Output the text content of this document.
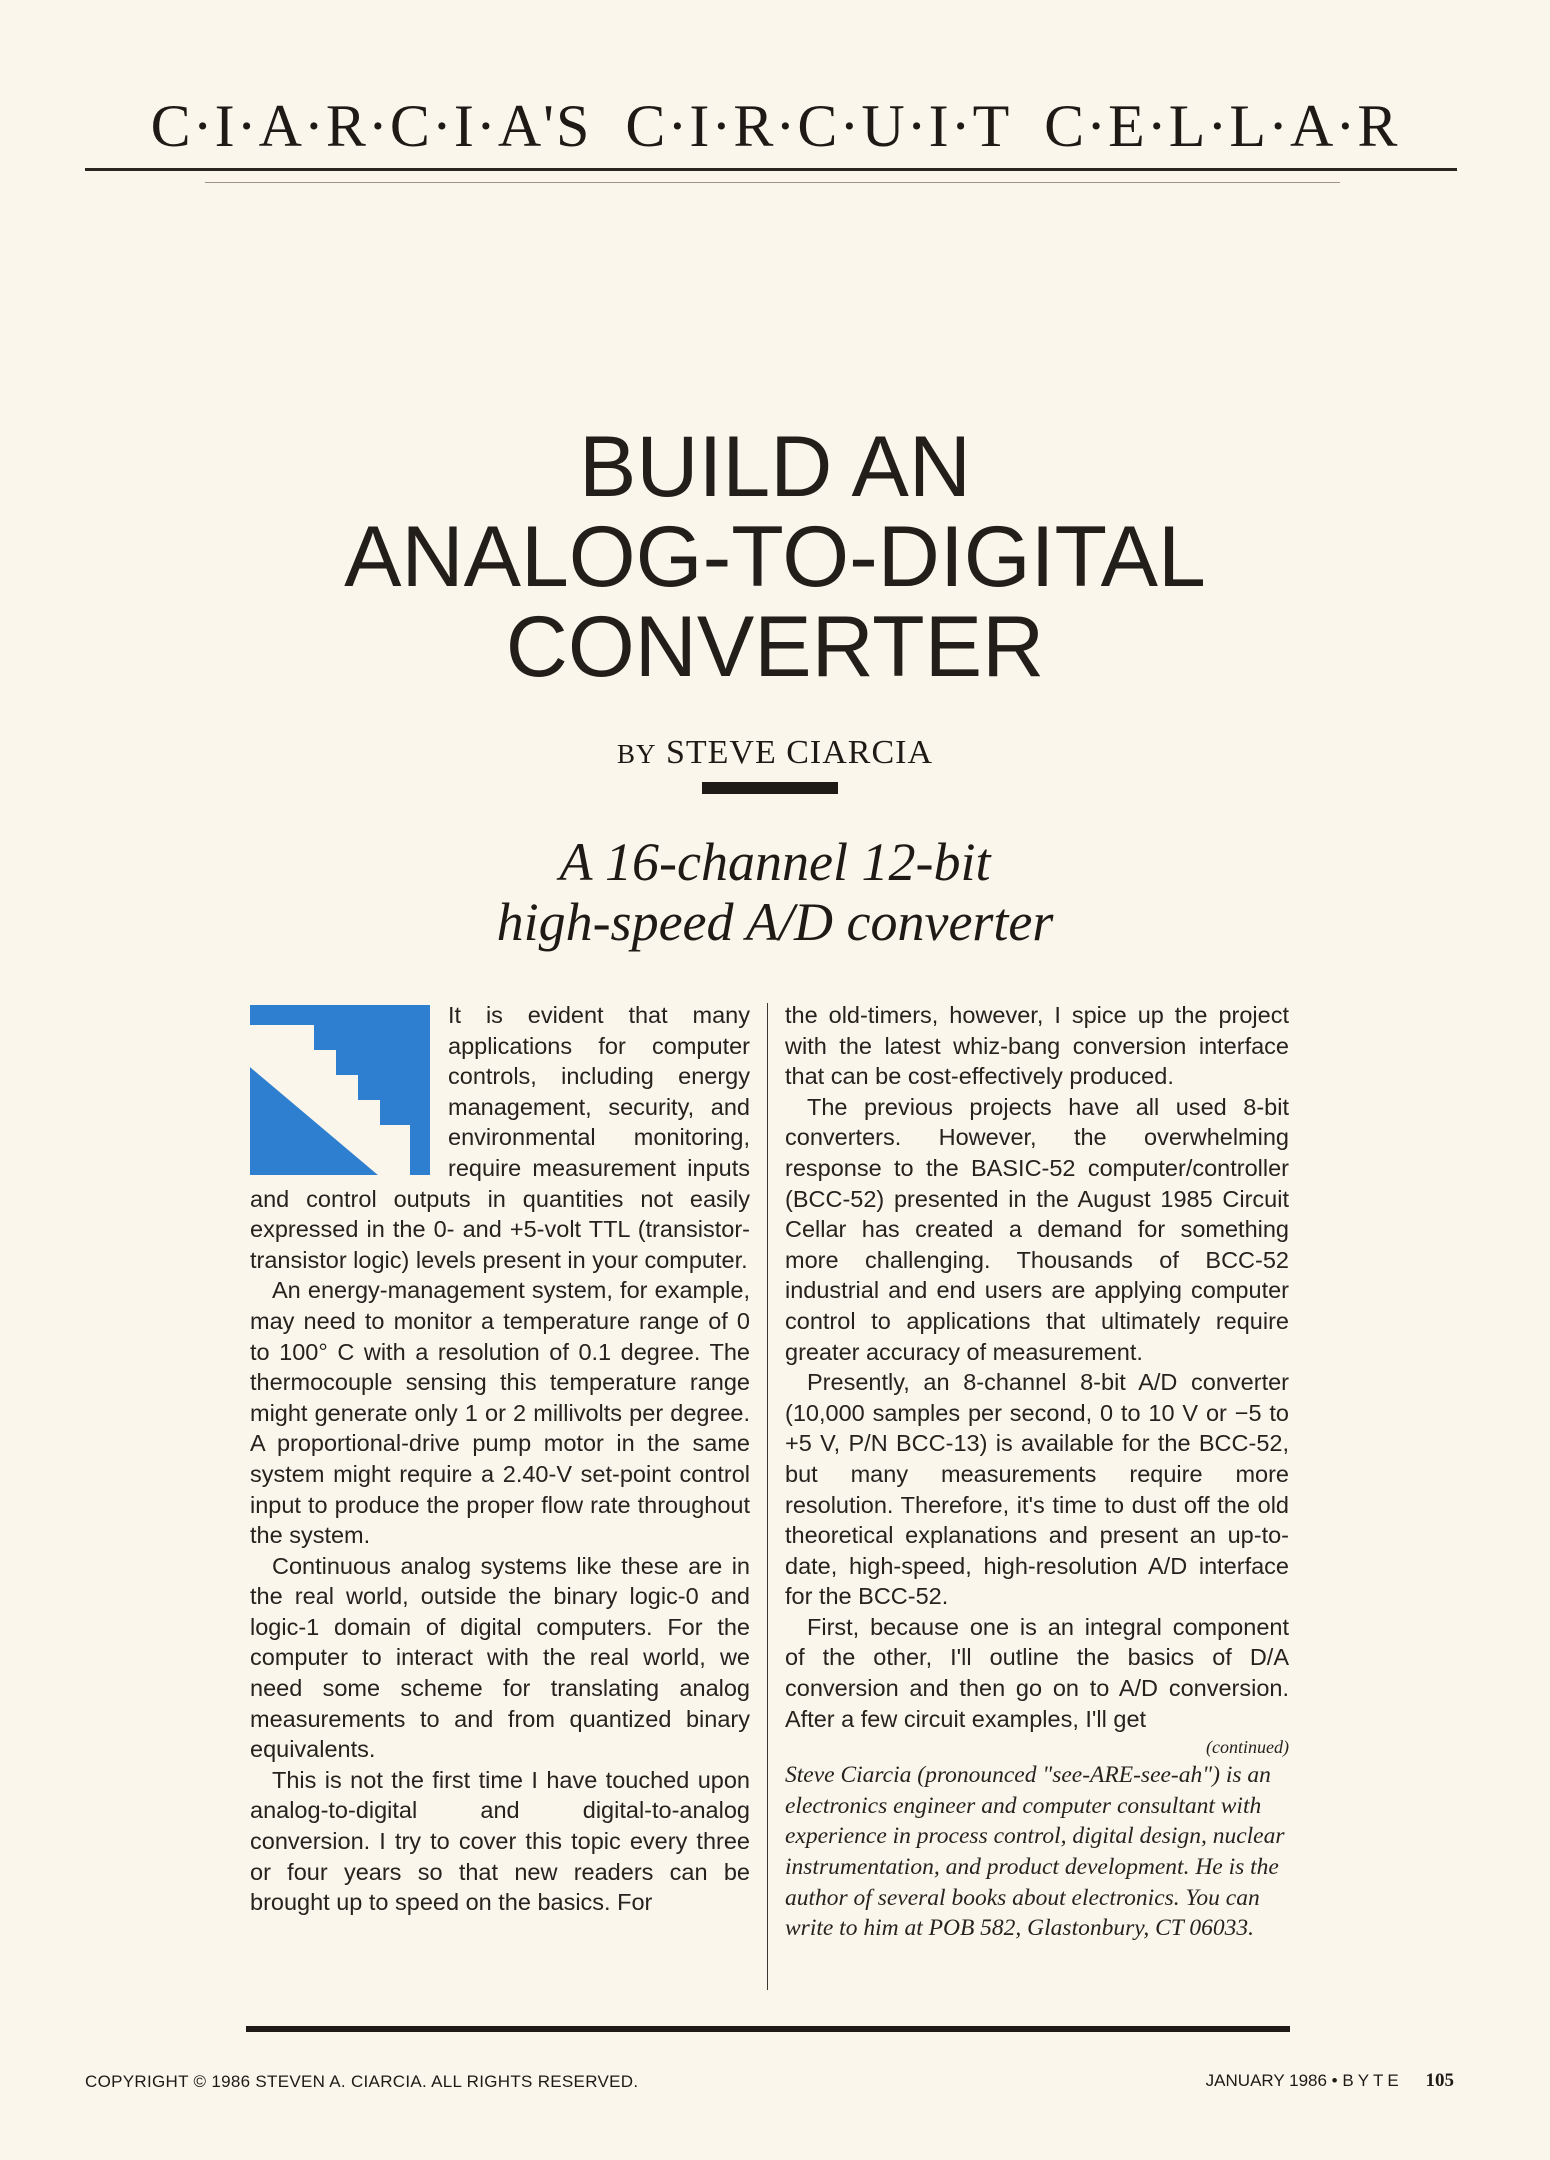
C·I·A·R·C·I·A'S  C·I·R·C·U·I·T  C·E·L·L·A·R
BUILD AN
ANALOG-TO-DIGITAL
CONVERTER
BY STEVE CIARCIA
A 16-channel 12-bit
high-speed A/D converter

It is evident that many applications for computer controls, including energy management, security, and environmental monitoring, require measurement inputs and control outputs in quantities not easily expressed in the 0- and +5-volt TTL (transistor-transistor logic) levels present in your computer.

An energy-management system, for example, may need to monitor a temperature range of 0 to 100° C with a resolution of 0.1 degree. The thermocouple sensing this temperature range might generate only 1 or 2 millivolts per degree. A proportional-drive pump motor in the same system might require a 2.40-V set-point control input to produce the proper flow rate throughout the system.

Continuous analog systems like these are in the real world, outside the binary logic-0 and logic-1 domain of digital computers. For the computer to interact with the real world, we need some scheme for translating analog measurements to and from quantized binary equivalents.

This is not the first time I have touched upon analog-to-digital and digital-to-analog conversion. I try to cover this topic every three or four years so that new readers can be brought up to speed on the basics. For

the old-timers, however, I spice up the project with the latest whiz-bang conversion interface that can be cost-effectively produced.

The previous projects have all used 8-bit converters. However, the overwhelming response to the BASIC-52 computer/controller (BCC-52) presented in the August 1985 Circuit Cellar has created a demand for something more challenging. Thousands of BCC-52 industrial and end users are applying computer control to applications that ultimately require greater accuracy of measurement.

Presently, an 8-channel 8-bit A/D converter (10,000 samples per second, 0 to 10 V or −5 to +5 V, P/N BCC-13) is available for the BCC-52, but many measurements require more resolution. Therefore, it's time to dust off the old theoretical explanations and present an up-to-date, high-speed, high-resolution A/D interface for the BCC-52.

First, because one is an integral component of the other, I'll outline the basics of D/A conversion and then go on to A/D conversion. After a few circuit examples, I'll get

(continued)
Steve Ciarcia (pronounced "see-ARE-see-ah") is an electronics engineer and computer consultant with experience in process control, digital design, nuclear instrumentation, and product development. He is the author of several books about electronics. You can write to him at POB 582, Glastonbury, CT 06033.
COPYRIGHT © 1986 STEVEN A. CIARCIA. ALL RIGHTS RESERVED.	JANUARY 1986 • BYTE 105
